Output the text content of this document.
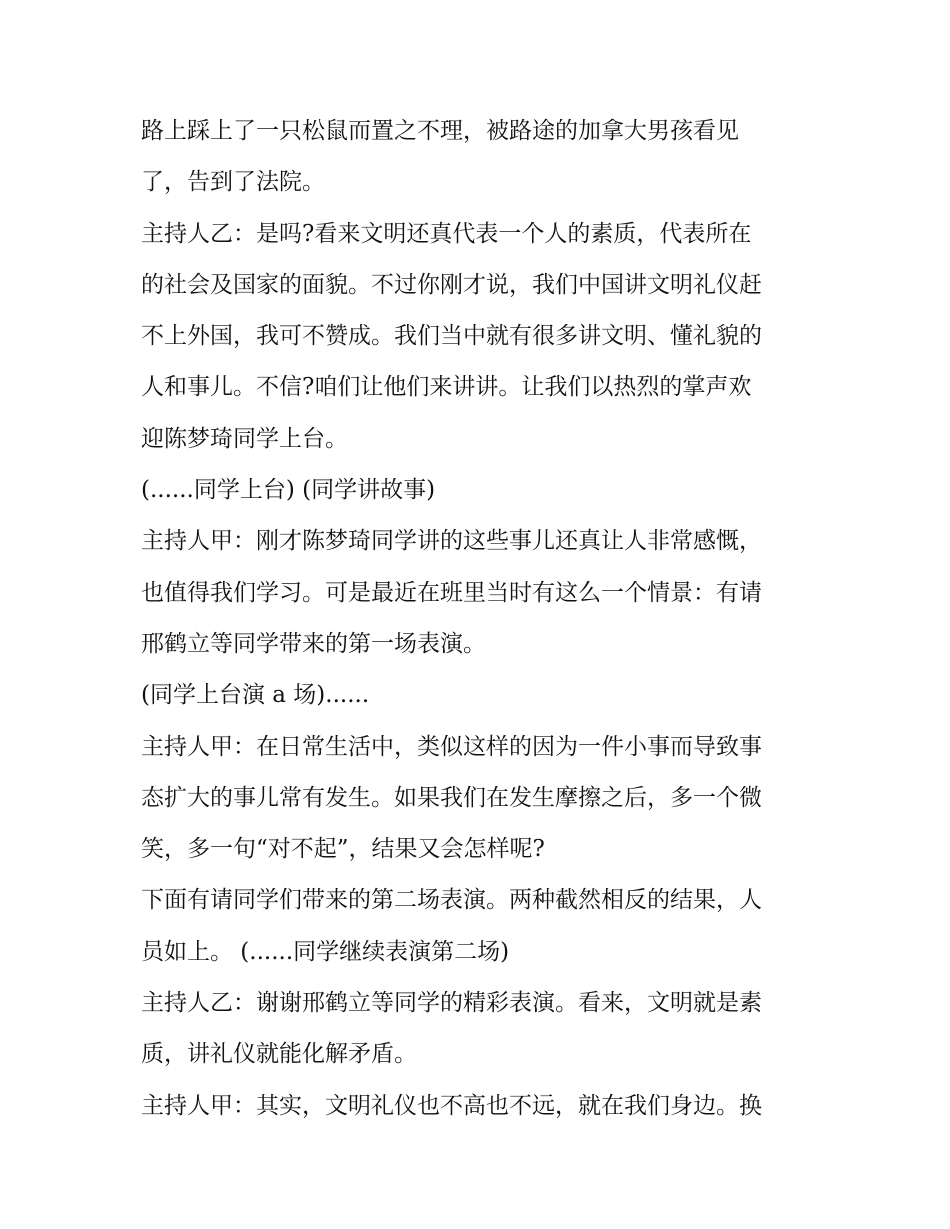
路上踩上了一只松鼠而置之不理，被路途的加拿大男孩看见
了，告到了法院。
主持人乙：是吗?看来文明还真代表一个人的素质，代表所在
的社会及国家的面貌。不过你刚才说，我们中国讲文明礼仪赶
不上外国，我可不赞成。我们当中就有很多讲文明、懂礼貌的
人和事儿。不信?咱们让他们来讲讲。让我们以热烈的掌声欢
迎陈梦琦同学上台。
(......同学上台) (同学讲故事)
主持人甲：刚才陈梦琦同学讲的这些事儿还真让人非常感慨，
也值得我们学习。可是最近在班里当时有这么一个情景：有请
邢鹤立等同学带来的第一场表演。
(同学上台演 a 场)......
主持人甲：在日常生活中，类似这样的因为一件小事而导致事
态扩大的事儿常有发生。如果我们在发生摩擦之后，多一个微
笑，多一句“对不起”，结果又会怎样呢?
下面有请同学们带来的第二场表演。两种截然相反的结果，人
员如上。 (......同学继续表演第二场)
主持人乙：谢谢邢鹤立等同学的精彩表演。看来，文明就是素
质，讲礼仪就能化解矛盾。
主持人甲：其实，文明礼仪也不高也不远，就在我们身边。换
